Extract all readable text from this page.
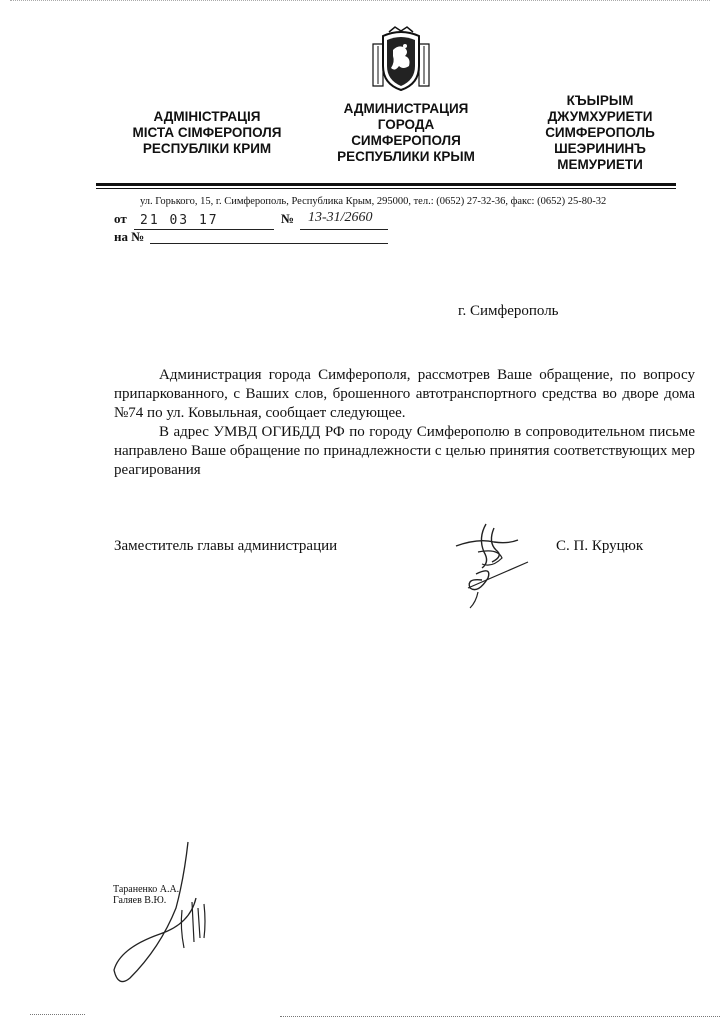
АДМІНІСТРАЦІЯ
МІСТА СІМФЕРОПОЛЯ
РЕСПУБЛІКИ КРИМ
АДМИНИСТРАЦИЯ
ГОРОДА
СИМФЕРОПОЛЯ
РЕСПУБЛИКИ КРЫМ
КЪЫРЫМ
ДЖУМХУРИЕТИ
СИМФЕРОПОЛЬ
ШЕЭРИНИНЪ
МЕМУРИЕТИ
ул. Горького, 15, г. Симферополь, Республика Крым, 295000, тел.: (0652) 27-32-36, факс: (0652) 25-80-32
от 21 03 17	№ 13-31/2660
на №
г. Симферополь
Администрация города Симферополя, рассмотрев Ваше обращение, по вопросу припаркованного, с Ваших слов, брошенного автотранспортного средства во дворе дома №74 по ул. Ковыльная, сообщает следующее.
В адрес УМВД ОГИБДД РФ по городу Симферополю в сопроводительном письме направлено Ваше обращение по принадлежности с целью принятия соответствующих мер реагирования
Заместитель главы администрации	С. П. Круцюк
Тараненко А.А.
Галяев В.Ю.
